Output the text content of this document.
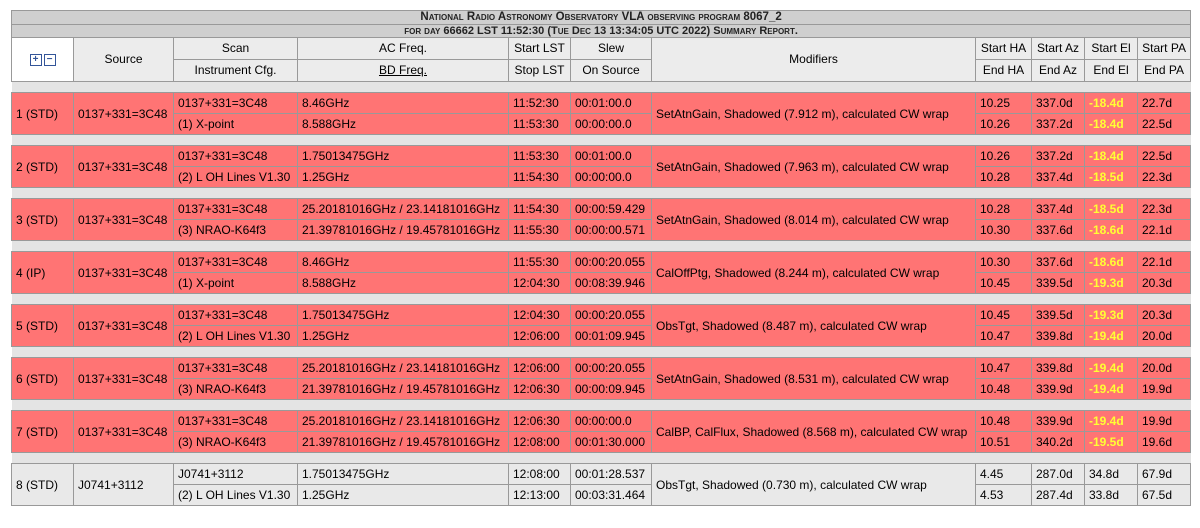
National Radio Astronomy Observatory VLA observing program 8067_2										
for day 66662 LST 11:52:30 (Tue Dec 13 13:34:05 UTC 2022) Summary Report.										
+ −	Source	Scan	AC Freq.	Start LST	Slew	Modifiers	Start HA	Start Az	Start El	Start PA
		Instrument Cfg.	BD Freq.	Stop LST	On Source		End HA	End Az	End El	End PA

1 (STD)	0137+331=3C48	0137+331=3C48	8.46GHz	11:52:30	00:01:00.0	SetAtnGain, Shadowed (7.912 m), calculated CW wrap	10.25	337.0d	-18.4d	22.7d
		(1) X-point	8.588GHz	11:53:30	00:00:00.0		10.26	337.2d	-18.4d	22.5d

2 (STD)	0137+331=3C48	0137+331=3C48	1.75013475GHz	11:53:30	00:01:00.0	SetAtnGain, Shadowed (7.963 m), calculated CW wrap	10.26	337.2d	-18.4d	22.5d
		(2) L OH Lines V1.30	1.25GHz	11:54:30	00:00:00.0		10.28	337.4d	-18.5d	22.3d

3 (STD)	0137+331=3C48	0137+331=3C48	25.20181016GHz / 23.14181016GHz	11:54:30	00:00:59.429	SetAtnGain, Shadowed (8.014 m), calculated CW wrap	10.28	337.4d	-18.5d	22.3d
		(3) NRAO-K64f3	21.39781016GHz / 19.45781016GHz	11:55:30	00:00:00.571		10.30	337.6d	-18.6d	22.1d

4 (IP)	0137+331=3C48	0137+331=3C48	8.46GHz	11:55:30	00:00:20.055	CalOffPtg, Shadowed (8.244 m), calculated CW wrap	10.30	337.6d	-18.6d	22.1d
		(1) X-point	8.588GHz	12:04:30	00:08:39.946		10.45	339.5d	-19.3d	20.3d

5 (STD)	0137+331=3C48	0137+331=3C48	1.75013475GHz	12:04:30	00:00:20.055	ObsTgt, Shadowed (8.487 m), calculated CW wrap	10.45	339.5d	-19.3d	20.3d
		(2) L OH Lines V1.30	1.25GHz	12:06:00	00:01:09.945		10.47	339.8d	-19.4d	20.0d

6 (STD)	0137+331=3C48	0137+331=3C48	25.20181016GHz / 23.14181016GHz	12:06:00	00:00:20.055	SetAtnGain, Shadowed (8.531 m), calculated CW wrap	10.47	339.8d	-19.4d	20.0d
		(3) NRAO-K64f3	21.39781016GHz / 19.45781016GHz	12:06:30	00:00:09.945		10.48	339.9d	-19.4d	19.9d

7 (STD)	0137+331=3C48	0137+331=3C48	25.20181016GHz / 23.14181016GHz	12:06:30	00:00:00.0	CalBP, CalFlux, Shadowed (8.568 m), calculated CW wrap	10.48	339.9d	-19.4d	19.9d
		(3) NRAO-K64f3	21.39781016GHz / 19.45781016GHz	12:08:00	00:01:30.000		10.51	340.2d	-19.5d	19.6d

8 (STD)	J0741+3112	J0741+3112	1.75013475GHz	12:08:00	00:01:28.537	ObsTgt, Shadowed (0.730 m), calculated CW wrap	4.45	287.0d	34.8d	67.9d
		(2) L OH Lines V1.30	1.25GHz	12:13:00	00:03:31.464		4.53	287.4d	33.8d	67.5d
